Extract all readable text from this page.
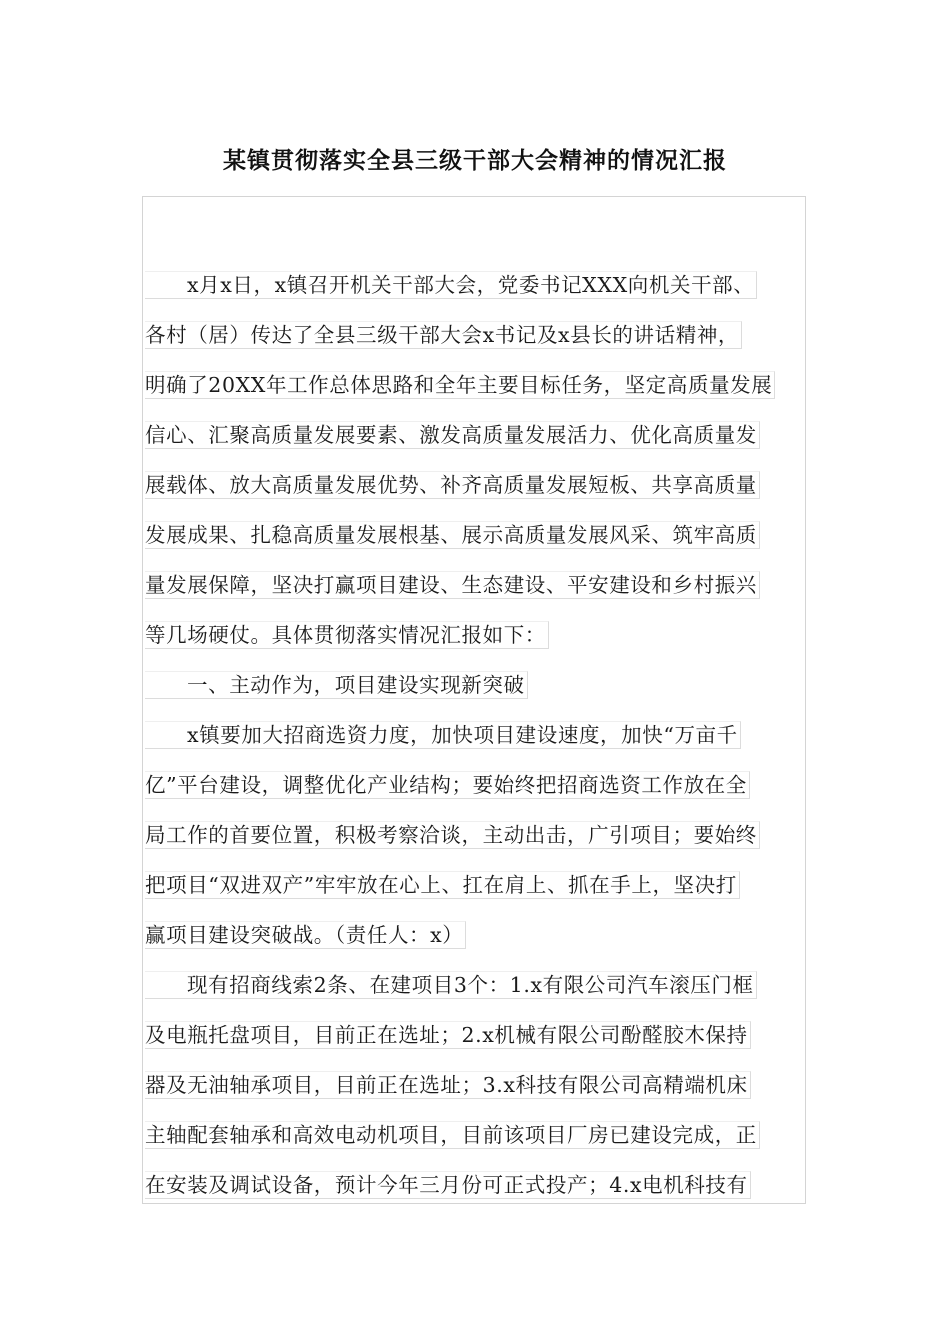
某镇贯彻落实全县三级干部大会精神的情况汇报
x月x日，x镇召开机关干部大会，党委书记XXX向机关干部、
各村（居）传达了全县三级干部大会x书记及x县长的讲话精神，
明确了20XX年工作总体思路和全年主要目标任务，坚定高质量发展
信心、汇聚高质量发展要素、激发高质量发展活力、优化高质量发
展载体、放大高质量发展优势、补齐高质量发展短板、共享高质量
发展成果、扎稳高质量发展根基、展示高质量发展风采、筑牢高质
量发展保障，坚决打赢项目建设、生态建设、平安建设和乡村振兴
等几场硬仗。具体贯彻落实情况汇报如下：
一、主动作为，项目建设实现新突破
x镇要加大招商选资力度，加快项目建设速度，加快“万亩千
亿”平台建设，调整优化产业结构；要始终把招商选资工作放在全
局工作的首要位置，积极考察洽谈，主动出击，广引项目；要始终
把项目“双进双产”牢牢放在心上、扛在肩上、抓在手上，坚决打
赢项目建设突破战。（责任人：x）
现有招商线索2条、在建项目3个：1.x有限公司汽车滚压门框
及电瓶托盘项目，目前正在选址；2.x机械有限公司酚醛胶木保持
器及无油轴承项目，目前正在选址；3.x科技有限公司高精端机床
主轴配套轴承和高效电动机项目，目前该项目厂房已建设完成，正
在安装及调试设备，预计今年三月份可正式投产；4.x电机科技有
